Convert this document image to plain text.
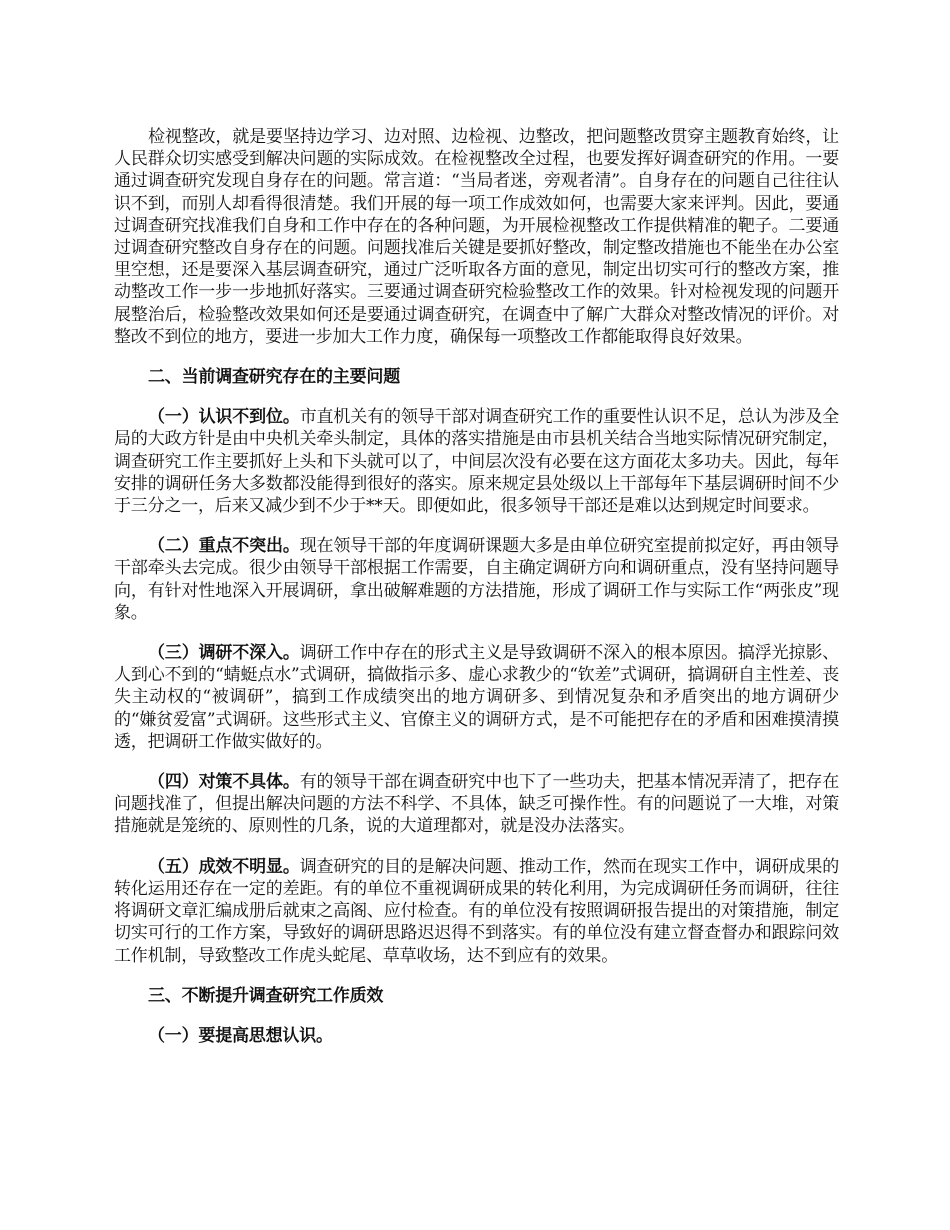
检视整改，就是要坚持边学习、边对照、边检视、边整改，把问题整改贯穿主题教育始终，让人民群众切实感受到解决问题的实际成效。在检视整改全过程，也要发挥好调查研究的作用。一要通过调查研究发现自身存在的问题。常言道：“当局者迷，旁观者清”。自身存在的问题自己往往认识不到，而别人却看得很清楚。我们开展的每一项工作成效如何，也需要大家来评判。因此，要通过调查研究找准我们自身和工作中存在的各种问题，为开展检视整改工作提供精准的靶子。二要通过调查研究整改自身存在的问题。问题找准后关键是要抓好整改，制定整改措施也不能坐在办公室里空想，还是要深入基层调查研究，通过广泛听取各方面的意见，制定出切实可行的整改方案，推动整改工作一步一步地抓好落实。三要通过调查研究检验整改工作的效果。针对检视发现的问题开展整治后，检验整改效果如何还是要通过调查研究，在调查中了解广大群众对整改情况的评价。对整改不到位的地方，要进一步加大工作力度，确保每一项整改工作都能取得良好效果。

二、当前调查研究存在的主要问题

（一）认识不到位。市直机关有的领导干部对调查研究工作的重要性认识不足，总认为涉及全局的大政方针是由中央机关牵头制定，具体的落实措施是由市县机关结合当地实际情况研究制定，调查研究工作主要抓好上头和下头就可以了，中间层次没有必要在这方面花太多功夫。因此，每年安排的调研任务大多数都没能得到很好的落实。原来规定县处级以上干部每年下基层调研时间不少于三分之一，后来又减少到不少于**天。即便如此，很多领导干部还是难以达到规定时间要求。

（二）重点不突出。现在领导干部的年度调研课题大多是由单位研究室提前拟定好，再由领导干部牵头去完成。很少由领导干部根据工作需要，自主确定调研方向和调研重点，没有坚持问题导向，有针对性地深入开展调研，拿出破解难题的方法措施，形成了调研工作与实际工作“两张皮”现象。

（三）调研不深入。调研工作中存在的形式主义是导致调研不深入的根本原因。搞浮光掠影、人到心不到的“蜻蜓点水”式调研，搞做指示多、虚心求教少的“钦差”式调研，搞调研自主性差、丧失主动权的“被调研”，搞到工作成绩突出的地方调研多、到情况复杂和矛盾突出的地方调研少的“嫌贫爱富”式调研。这些形式主义、官僚主义的调研方式，是不可能把存在的矛盾和困难摸清摸透，把调研工作做实做好的。

（四）对策不具体。有的领导干部在调查研究中也下了一些功夫，把基本情况弄清了，把存在问题找准了，但提出解决问题的方法不科学、不具体，缺乏可操作性。有的问题说了一大堆，对策措施就是笼统的、原则性的几条，说的大道理都对，就是没办法落实。

（五）成效不明显。调查研究的目的是解决问题、推动工作，然而在现实工作中，调研成果的转化运用还存在一定的差距。有的单位不重视调研成果的转化利用，为完成调研任务而调研，往往将调研文章汇编成册后就束之高阁、应付检查。有的单位没有按照调研报告提出的对策措施，制定切实可行的工作方案，导致好的调研思路迟迟得不到落实。有的单位没有建立督查督办和跟踪问效工作机制，导致整改工作虎头蛇尾、草草收场，达不到应有的效果。

三、不断提升调查研究工作质效

（一）要提高思想认识。
